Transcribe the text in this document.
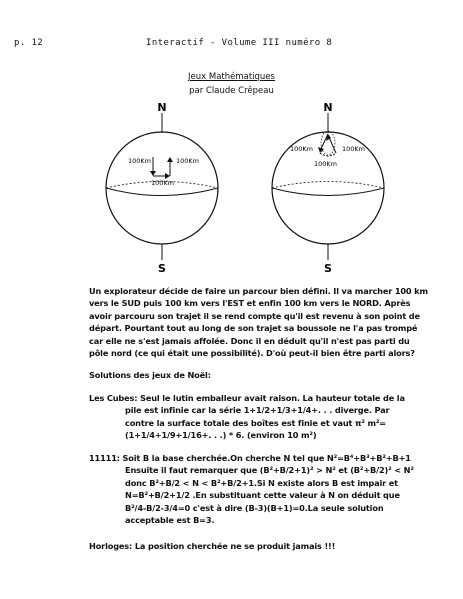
p. 12	Interactif - Volume III numéro 8
Jeux Mathématiques
par Claude Crêpeau
N
S
100Km	100Km
100Km
N
S
100Km	100Km
100Km
Un explorateur décide de faire un parcour bien défini. Il va marcher 100 km
vers le SUD puis 100 km vers l'EST et enfin 100 km vers le NORD. Après
avoir parcouru son trajet il se rend compte qu'il est revenu à son point de
départ. Pourtant tout au long de son trajet sa boussole ne l'a pas trompé
car elle ne s'est jamais affolée. Donc il en déduit qu'il n'est pas parti du
pôle nord (ce qui était une possibilité). D'où peut-il bien être parti alors?
Solutions des jeux de Noël:
Les Cubes: Seul le lutin emballeur avait raison. La hauteur totale de la
pile est infinie car la série 1+1/2+1/3+1/4+. . . diverge. Par
contre la surface totale des boîtes est finie et vaut π² m²=
(1+1/4+1/9+1/16+. . .) * 6. (environ 10 m²)
11111: Soit B la base cherchée.On cherche N tel que N²=B⁴+B³+B²+B+1
Ensuite il faut remarquer que (B²+B/2+1)² > N² et (B²+B/2)² < N²
donc B²+B/2 < N < B²+B/2+1.Si N existe alors B est impair et
N=B²+B/2+1/2 .En substituant cette valeur à N on déduit que
B²/4-B/2-3/4=0 c'est à dire (B-3)(B+1)=0.La seule solution
acceptable est B=3.
Horloges: La position cherchée ne se produit jamais !!!
